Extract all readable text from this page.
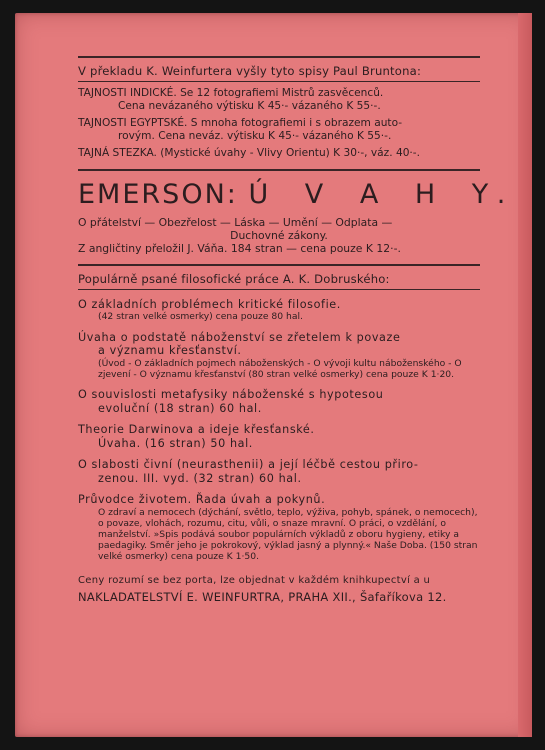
V překladu K. Weinfurtera vyšly tyto spisy Paul Bruntona:
TAJNOSTI INDICKÉ. Se 12 fotografiemi Mistrů zasvěcenců.
Cena nevázaného výtisku K 45·- vázaného K 55·-.
TAJNOSTI EGYPTSKÉ. S mnoha fotografiemi i s obrazem auto-
rovým. Cena neváz. výtisku K 45·- vázaného K 55·-.
TAJNÁ STEZKA. (Mystické úvahy - Vlivy Orientu) K 30·-, váz. 40·-.
EMERSON: Ú V A H Y.
O přátelství — Obezřelost — Láska — Umění — Odplata —
Duchovné zákony.
Z angličtiny přeložil J. Váňa. 184 stran — cena pouze K 12·-.
Populárně psané filosofické práce A. K. Dobruského:
O základních problémech kritické filosofie.
(42 stran velké osmerky) cena pouze 80 hal.
Úvaha o podstatě náboženství se zřetelem k povaze
a významu křesťanství.
(Úvod - O základních pojmech náboženských - O vývoji kultu náboženského - O zjevení - O významu křesťanství (80 stran velké osmerky) cena pouze K 1·20.
O souvislosti metafysiky náboženské s hypotesou
evoluční (18 stran) 60 hal.
Theorie Darwinova a ideje křesťanské.
Úvaha. (16 stran) 50 hal.
O slabosti čivní (neurasthenii) a její léčbě cestou přiro-
zenou. III. vyd. (32 stran) 60 hal.
Průvodce životem. Řada úvah a pokynů.
O zdraví a nemocech (dýchání, světlo, teplo, výživa, pohyb, spánek, o nemocech), o povaze, vlohách, rozumu, citu, vůli, o snaze mravní. O práci, o vzdělání, o manželství. »Spis podává soubor populárních výkladů z oboru hygieny, etiky a paedagiky. Směr jeho je pokrokový, výklad jasný a plynný.« Naše Doba. (150 stran velké osmerky) cena pouze K 1·50.
Ceny rozumí se bez porta, lze objednat v každém knihkupectví a u
NAKLADATELSTVÍ E. WEINFURTRA, PRAHA XII., Šafaříkova 12.
